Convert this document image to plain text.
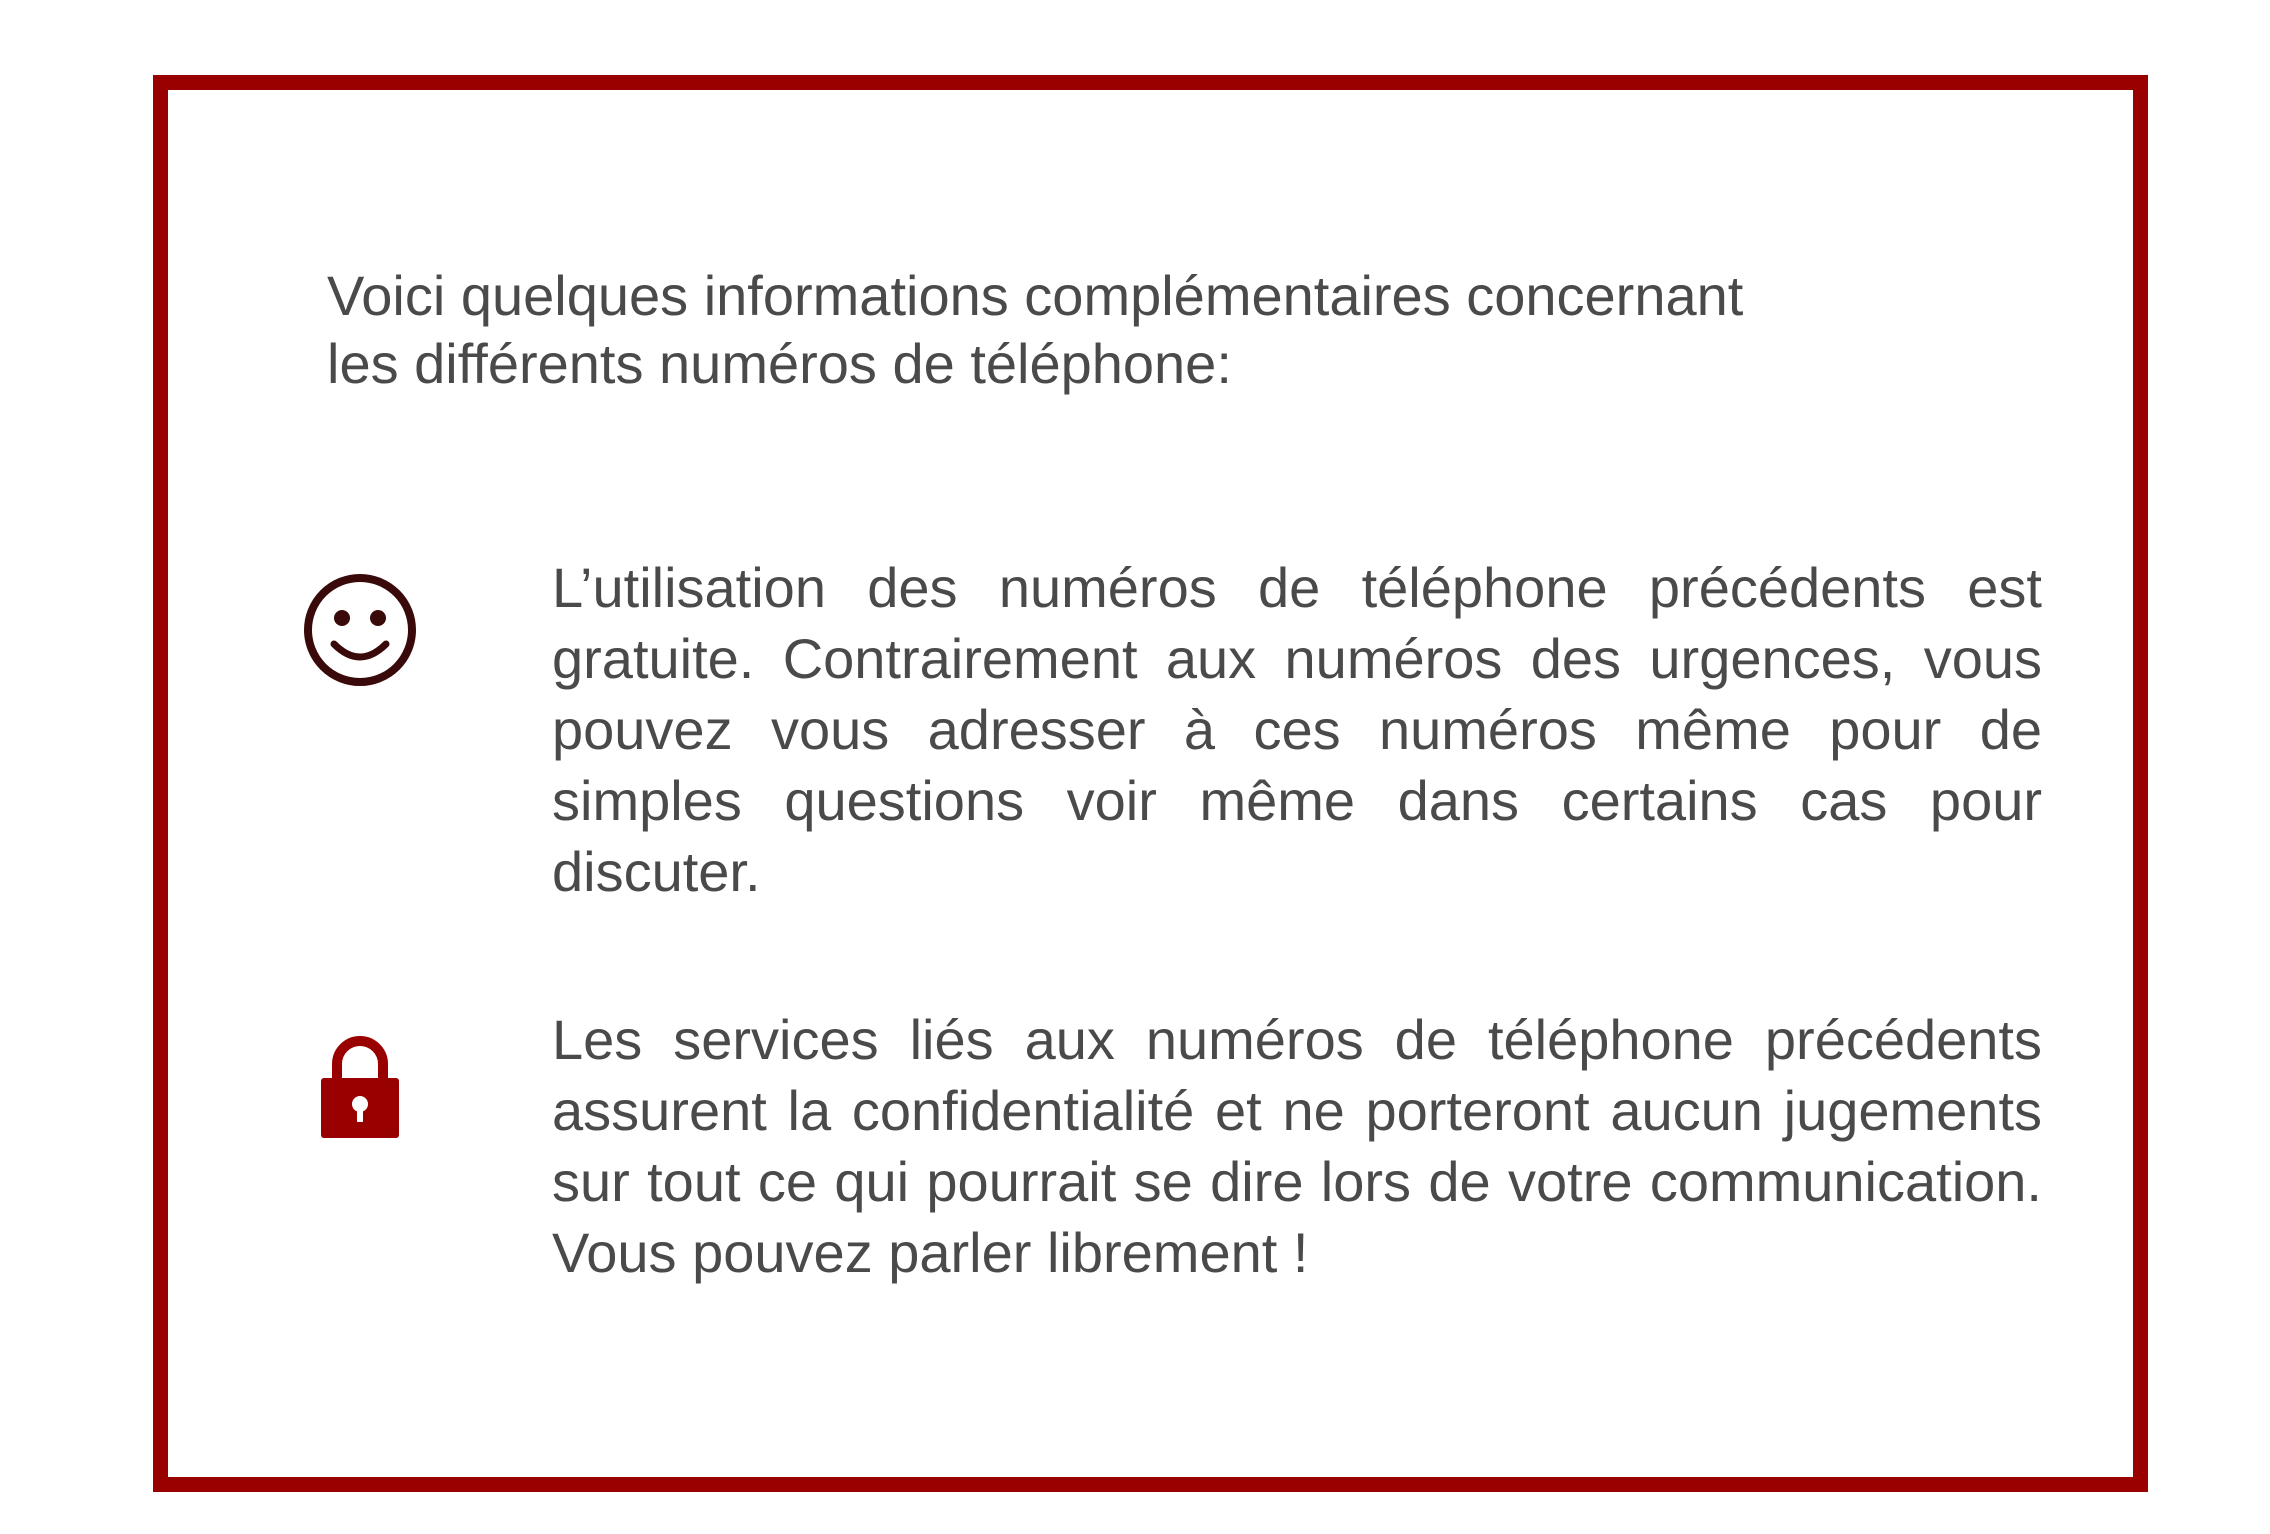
Voici quelques informations complémentaires concernant
les différents numéros de téléphone:

L’utilisation des numéros de téléphone précédents est gratuite. Contrairement aux numéros des urgences, vous pouvez vous adresser à ces numéros même pour de simples questions voir même dans certains cas pour discuter.

Les services liés aux numéros de téléphone précédents assurent la confidentialité et ne porteront aucun jugements sur tout ce qui pourrait se dire lors de votre communication. Vous pouvez parler librement !
